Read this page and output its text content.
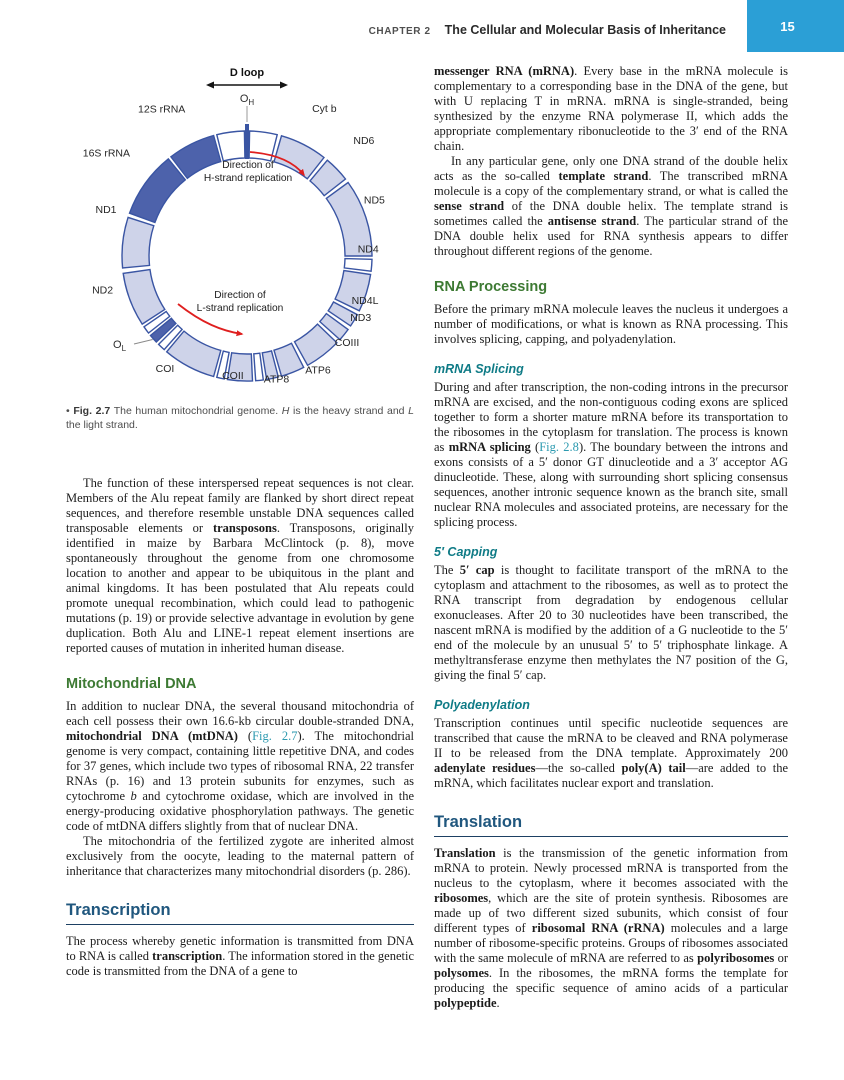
CHAPTER 2 The Cellular and Molecular Basis of Inheritance	15
Cyt b
ND6
ND5
ND4
ND4L
ND3
COIII
ATP6
ATP8
COII
COI
ND2
ND1
16S rRNA
12S rRNA
$O_L$
D loop
$O_H$
Direction of
H-strand replication
Direction of
L-strand replication
• Fig. 2.7 The human mitochondrial genome. H is the heavy strand and L the light strand.

The function of these interspersed repeat sequences is not clear. Members of the Alu repeat family are flanked by short direct repeat sequences, and therefore resemble unstable DNA sequences called transposable elements or transposons. Transposons, originally identified in maize by Barbara McClintock (p. 8), move spontaneously throughout the genome from one chromosome location to another and appear to be ubiquitous in the plant and animal kingdoms. It has been postulated that Alu repeats could promote unequal recombination, which could lead to pathogenic mutations (p. 19) or provide selective advantage in evolution by gene duplication. Both Alu and LINE-1 repeat element insertions are reported causes of mutation in inherited human disease.

Mitochondrial DNA

In addition to nuclear DNA, the several thousand mitochondria of each cell possess their own 16.6-kb circular double-stranded DNA, mitochondrial DNA (mtDNA) (Fig. 2.7). The mitochondrial genome is very compact, containing little repetitive DNA, and codes for 37 genes, which include two types of ribosomal RNA, 22 transfer RNAs (p. 16) and 13 protein subunits for enzymes, such as cytochrome b and cytochrome oxidase, which are involved in the energy-producing oxidative phosphorylation pathways. The genetic code of mtDNA differs slightly from that of nuclear DNA.

The mitochondria of the fertilized zygote are inherited almost exclusively from the oocyte, leading to the maternal pattern of inheritance that characterizes many mitochondrial disorders (p. 286).

Transcription

The process whereby genetic information is transmitted from DNA to RNA is called transcription. The information stored in the genetic code is transmitted from the DNA of a gene to

messenger RNA (mRNA). Every base in the mRNA molecule is complementary to a corresponding base in the DNA of the gene, but with U replacing T in mRNA. mRNA is single-stranded, being synthesized by the enzyme RNA polymerase II, which adds the appropriate complementary ribonucleotide to the 3′ end of the RNA chain.

In any particular gene, only one DNA strand of the double helix acts as the so-called template strand. The transcribed mRNA molecule is a copy of the complementary strand, or what is called the sense strand of the DNA double helix. The template strand is sometimes called the antisense strand. The particular strand of the DNA double helix used for RNA synthesis appears to differ throughout different regions of the genome.

RNA Processing

Before the primary mRNA molecule leaves the nucleus it undergoes a number of modifications, or what is known as RNA processing. This involves splicing, capping, and polyadenylation.

mRNA Splicing

During and after transcription, the non-coding introns in the precursor mRNA are excised, and the non-contiguous coding exons are spliced together to form a shorter mature mRNA before its transportation to the ribosomes in the cytoplasm for translation. The process is known as mRNA splicing (Fig. 2.8). The boundary between the introns and exons consists of a 5′ donor GT dinucleotide and a 3′ acceptor AG dinucleotide. These, along with surrounding short splicing consensus sequences, another intronic sequence known as the branch site, small nuclear RNA molecules and associated proteins, are necessary for the splicing process.

5′ Capping

The 5′ cap is thought to facilitate transport of the mRNA to the cytoplasm and attachment to the ribosomes, as well as to protect the RNA transcript from degradation by endogenous cellular exonucleases. After 20 to 30 nucleotides have been transcribed, the nascent mRNA is modified by the addition of a G nucleotide to the 5′ end of the molecule by an unusual 5′ to 5′ triphosphate linkage. A methyltransferase enzyme then methylates the N7 position of the G, giving the final 5′ cap.

Polyadenylation

Transcription continues until specific nucleotide sequences are transcribed that cause the mRNA to be cleaved and RNA polymerase II to be released from the DNA template. Approximately 200 adenylate residues—the so-called poly(A) tail—are added to the mRNA, which facilitates nuclear export and translation.

Translation

Translation is the transmission of the genetic information from mRNA to protein. Newly processed mRNA is transported from the nucleus to the cytoplasm, where it becomes associated with the ribosomes, which are the site of protein synthesis. Ribosomes are made up of two different sized subunits, which consist of four different types of ribosomal RNA (rRNA) molecules and a large number of ribosome-specific proteins. Groups of ribosomes associated with the same molecule of mRNA are referred to as polyribosomes or polysomes. In the ribosomes, the mRNA forms the template for producing the specific sequence of amino acids of a particular polypeptide.
